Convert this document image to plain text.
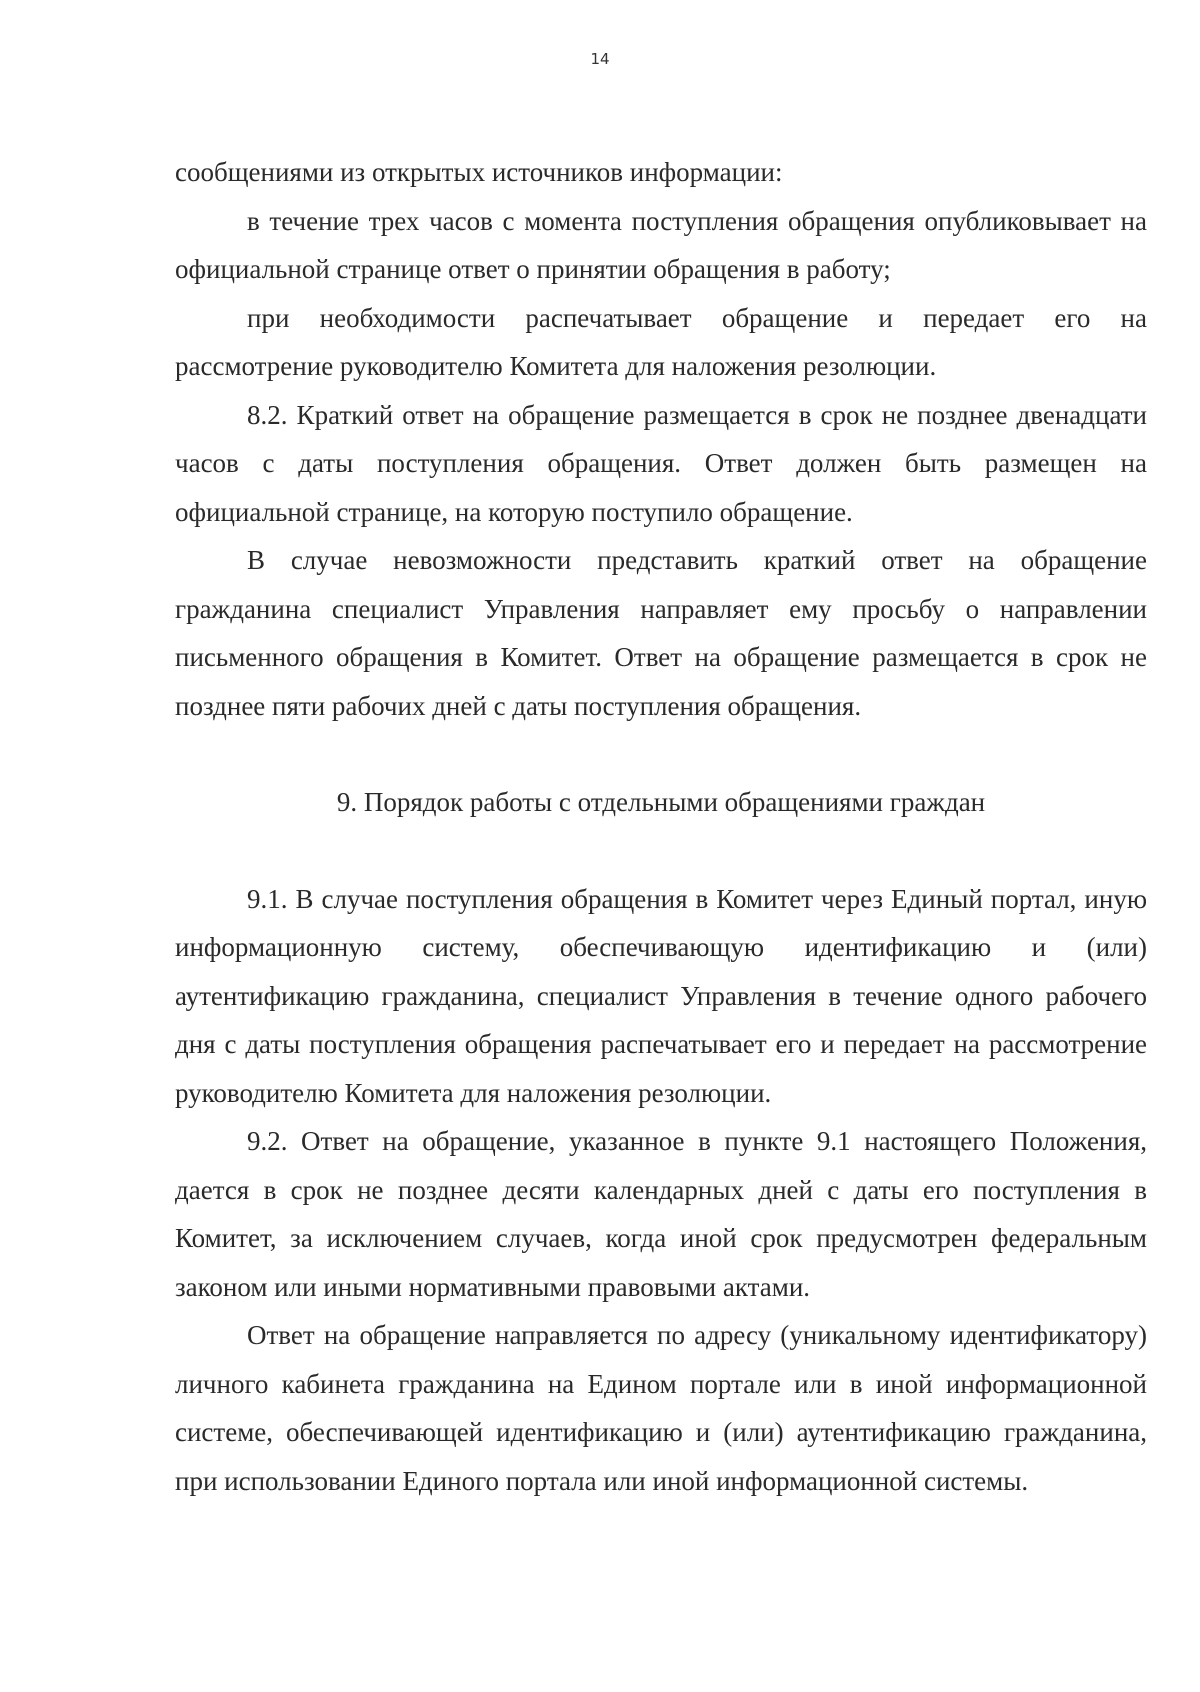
14

сообщениями из открытых источников информации:

в течение трех часов с момента поступления обращения опубликовывает на официальной странице ответ о принятии обращения в работу;

при необходимости распечатывает обращение и передает его на рассмотрение руководителю Комитета для наложения резолюции.

8.2. Краткий ответ на обращение размещается в срок не позднее двенадцати часов с даты поступления обращения. Ответ должен быть размещен на официальной странице, на которую поступило обращение.

В случае невозможности представить краткий ответ на обращение гражданина специалист Управления направляет ему просьбу о направлении письменного обращения в Комитет. Ответ на обращение размещается в срок не позднее пяти рабочих дней с даты поступления обращения.

9. Порядок работы с отдельными обращениями граждан

9.1. В случае поступления обращения в Комитет через Единый портал, иную информационную систему, обеспечивающую идентификацию и (или) аутентификацию гражданина, специалист Управления в течение одного рабочего дня с даты поступления обращения распечатывает его и передает на рассмотрение руководителю Комитета для наложения резолюции.

9.2. Ответ на обращение, указанное в пункте 9.1 настоящего Положения, дается в срок не позднее десяти календарных дней с даты его поступления в Комитет, за исключением случаев, когда иной срок предусмотрен федеральным законом или иными нормативными правовыми актами.

Ответ на обращение направляется по адресу (уникальному идентификатору) личного кабинета гражданина на Едином портале или в иной информационной системе, обеспечивающей идентификацию и (или) аутентификацию гражданина, при использовании Единого портала или иной информационной системы.
